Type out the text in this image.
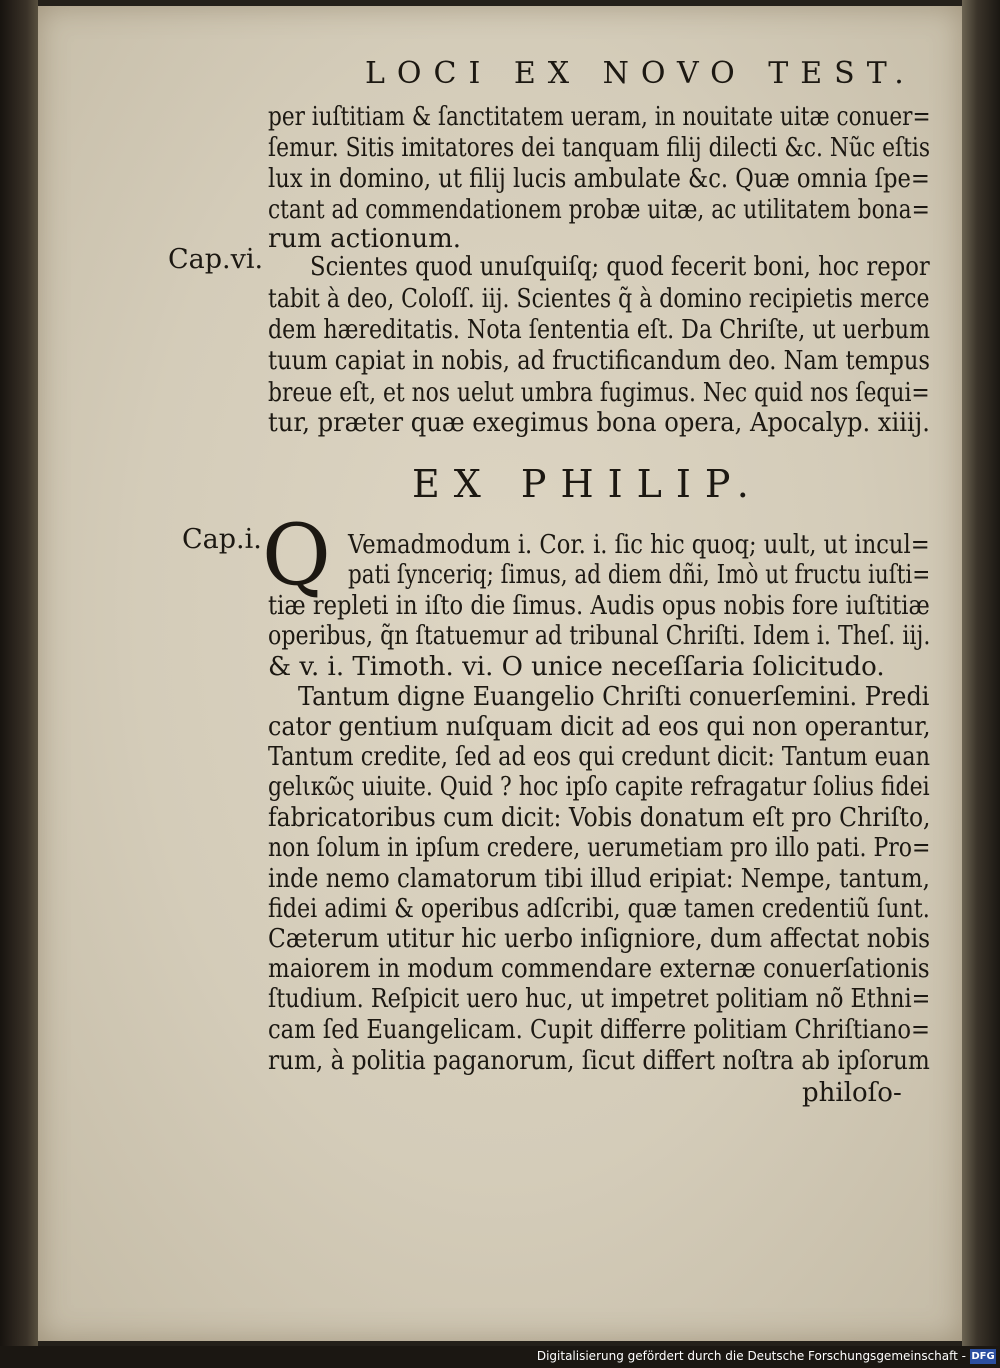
LOCI EX NOVO TEST.
per iuſtitiam & ſanctitatem ueram, in nouitate uitæ conuer=
ſemur. Sitis imitatores dei tanquam filij dilecti &c. Nũc eſtis
lux in domino, ut filij lucis ambulate &c. Quæ omnia ſpe=
ctant ad commendationem probæ uitæ, ac utilitatem bona=
rum actionum.
Cap.vi. Scientes quod unuſquiſq; quod fecerit boni, hoc repor
tabit à deo, Coloſſ. iij. Scientes q̃ à domino recipietis merce
dem hæreditatis. Nota ſententia eſt. Da Chriſte, ut uerbum
tuum capiat in nobis, ad fructificandum deo. Nam tempus
breue eſt, et nos uelut umbra fugimus. Nec quid nos ſequi=
tur, præter quæ exegimus bona opera, Apocalyp. xiiij.
EX PHILIP.
Cap.i. Q Vemadmodum i. Cor. i. ſic hic quoq; uult, ut incul=
pati ſynceriq; ſimus, ad diem dñi, Imò ut fructu iuſti=
tiæ repleti in iſto die ſimus. Audis opus nobis fore iuſtitiæ
operibus, q̃n ſtatuemur ad tribunal Chriſti. Idem i. Theſ. iij.
& v. i. Timoth. vi. O unice neceſſaria ſolicitudo.
Tantum digne Euangelio Chriſti conuerſemini. Predi
cator gentium nuſquam dicit ad eos qui non operantur,
Tantum credite, ſed ad eos qui credunt dicit: Tantum euan
gelικῶς uiuite. Quid ? hoc ipſo capite refragatur ſolius fidei
fabricatoribus cum dicit: Vobis donatum eſt pro Chriſto,
non ſolum in ipſum credere, uerumetiam pro illo pati. Pro=
inde nemo clamatorum tibi illud eripiat: Nempe, tantum,
fidei adimi & operibus adſcribi, quæ tamen credentiũ ſunt.
Cæterum utitur hic uerbo inſigniore, dum affectat nobis
maiorem in modum commendare externæ conuerſationis
ſtudium. Reſpicit uero huc, ut impetret politiam nõ Ethni=
cam ſed Euangelicam. Cupit differre politiam Chriſtiano=
rum, à politia paganorum, ſicut differt noſtra ab ipſorum
philoſo-
Digitalisierung gefördert durch die Deutsche Forschungsgemeinschaft - DFG
